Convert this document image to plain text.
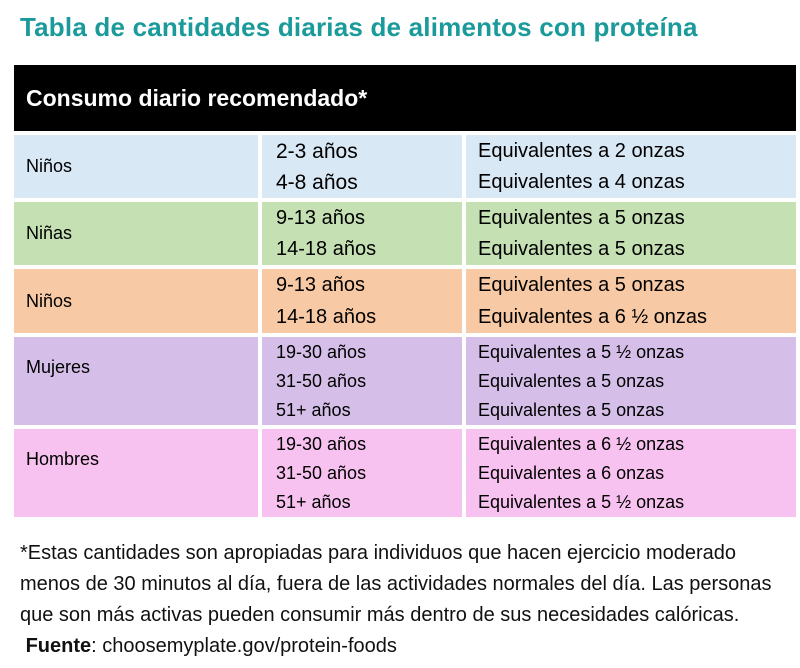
Tabla de cantidades diarias de alimentos con proteína
Consumo diario recomendado*
Niños
2-3 años
4-8 años
Equivalentes a 2 onzas
Equivalentes a 4 onzas
Niñas
9-13 años
14-18 años
Equivalentes a 5 onzas
Equivalentes a 5 onzas
Niños
9-13 años
14-18 años
Equivalentes a 5 onzas
Equivalentes a 6 ½ onzas
Mujeres
19-30 años
31-50 años
51+ años
Equivalentes a 5 ½ onzas
Equivalentes a 5 onzas
Equivalentes a 5 onzas
Hombres
19-30 años
31-50 años
51+ años
Equivalentes a 6 ½ onzas
Equivalentes a 6 onzas
Equivalentes a 5 ½ onzas
*Estas cantidades son apropiadas para individuos que hacen ejercicio moderado menos de 30 minutos al día, fuera de las actividades normales del día. Las personas que son más activas pueden consumir más dentro de sus necesidades calóricas.  Fuente: choosemyplate.gov/protein-foods
